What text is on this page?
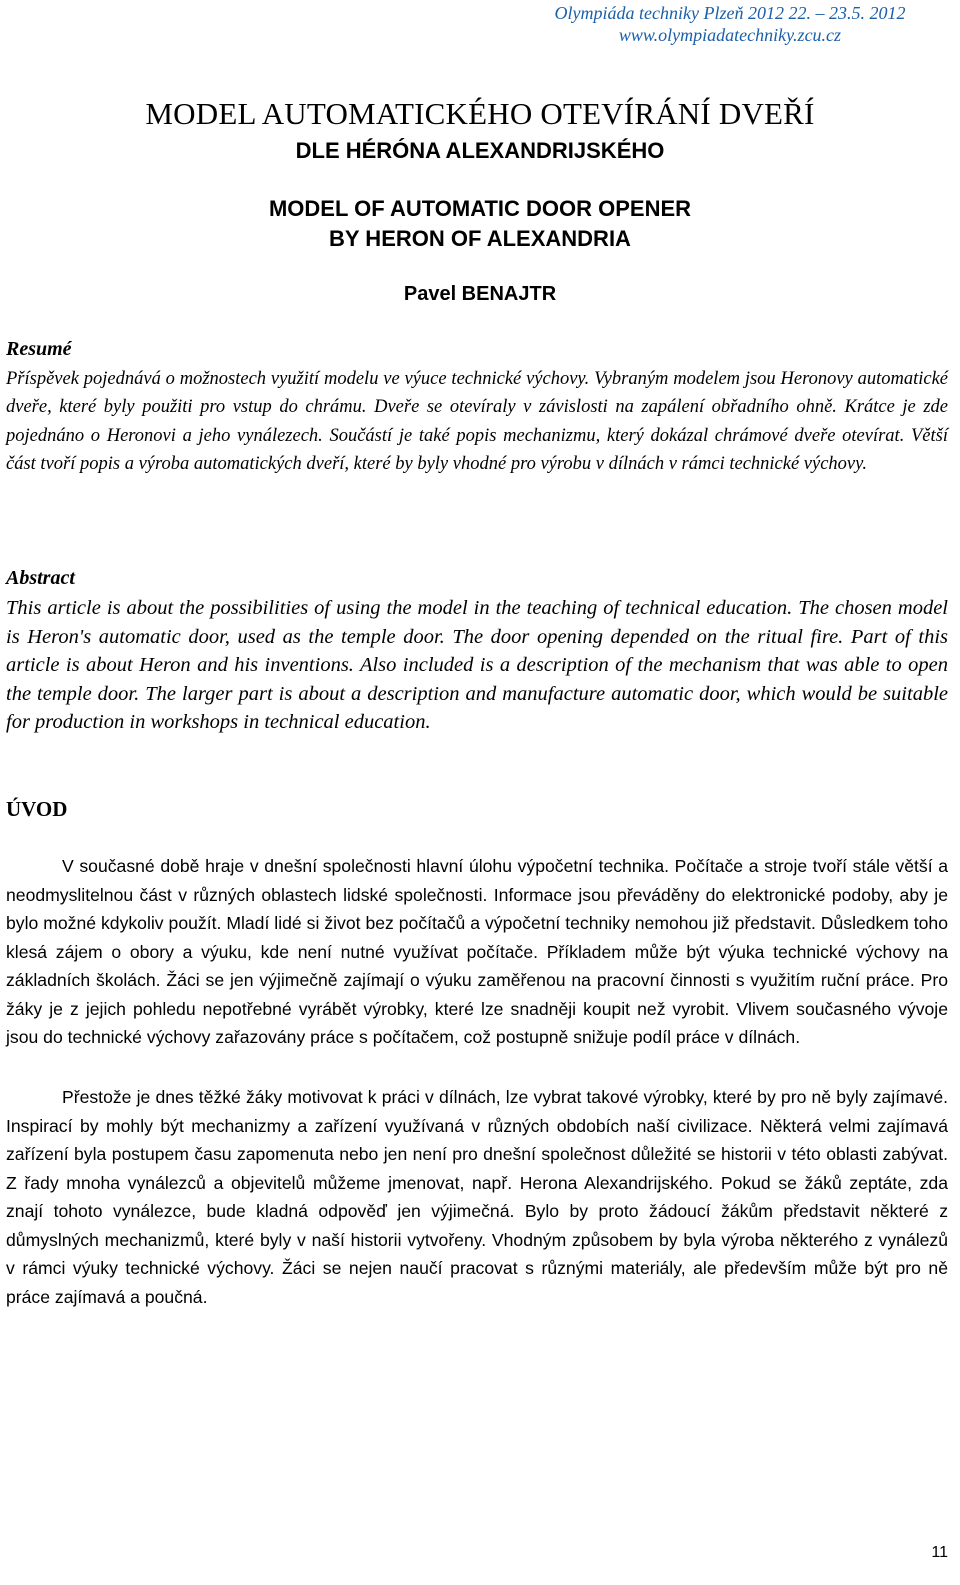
Olympiáda techniky Plzeň 2012 22. – 23.5. 2012
www.olympiadatechniky.zcu.cz
MODEL AUTOMATICKÉHO OTEVÍRÁNÍ DVEŘÍ
DLE HÉRÓNA ALEXANDRIJSKÉHO
MODEL OF AUTOMATIC DOOR OPENER
BY HERON OF ALEXANDRIA
Pavel BENAJTR
Resumé
Příspěvek pojednává o možnostech využití modelu ve výuce technické výchovy. Vybraným modelem jsou Heronovy automatické dveře, které byly použiti pro vstup do chrámu. Dveře se otevíraly v závislosti na zapálení obřadního ohně. Krátce je zde pojednáno o Heronovi a jeho vynálezech. Součástí je také popis mechanizmu, který dokázal chrámové dveře otevírat. Větší část tvoří popis a výroba automatických dveří, které by byly vhodné pro výrobu v dílnách v rámci technické výchovy.
Abstract
This article is about the possibilities of using the model in the teaching of technical education. The chosen model is Heron's automatic door, used as the temple door. The door opening depended on the ritual fire. Part of this article is about Heron and his inventions. Also included is a description of the mechanism that was able to open the temple door. The larger part is about a description and manufacture automatic door, which would be suitable for production in workshops in technical education.
ÚVOD
V současné době hraje v dnešní společnosti hlavní úlohu výpočetní technika. Počítače a stroje tvoří stále větší a neodmyslitelnou část v různých oblastech lidské společnosti. Informace jsou převáděny do elektronické podoby, aby je bylo možné kdykoliv použít. Mladí lidé si život bez počítačů a výpočetní techniky nemohou již představit. Důsledkem toho klesá zájem o obory a výuku, kde není nutné využívat počítače. Příkladem může být výuka technické výchovy na základních školách. Žáci se jen výjimečně zajímají o výuku zaměřenou na pracovní činnosti s využitím ruční práce. Pro žáky je z jejich pohledu nepotřebné vyrábět výrobky, které lze snadněji koupit než vyrobit. Vlivem současného vývoje jsou do technické výchovy zařazovány práce s počítačem, což postupně snižuje podíl práce v dílnách.
Přestože je dnes těžké žáky motivovat k práci v dílnách, lze vybrat takové výrobky, které by pro ně byly zajímavé. Inspirací by mohly být mechanizmy a zařízení využívaná v různých obdobích naší civilizace. Některá velmi zajímavá zařízení byla postupem času zapomenuta nebo jen není pro dnešní společnost důležité se historii v této oblasti zabývat. Z řady mnoha vynálezců a objevitelů můžeme jmenovat, např. Herona Alexandrijského. Pokud se žáků zeptáte, zda znají tohoto vynálezce, bude kladná odpověď jen výjimečná. Bylo by proto žádoucí žákům představit některé z důmyslných mechanizmů, které byly v naší historii vytvořeny. Vhodným způsobem by byla výroba některého z vynálezů v rámci výuky technické výchovy. Žáci se nejen naučí pracovat s různými materiály, ale především může být pro ně práce zajímavá a poučná.
11
